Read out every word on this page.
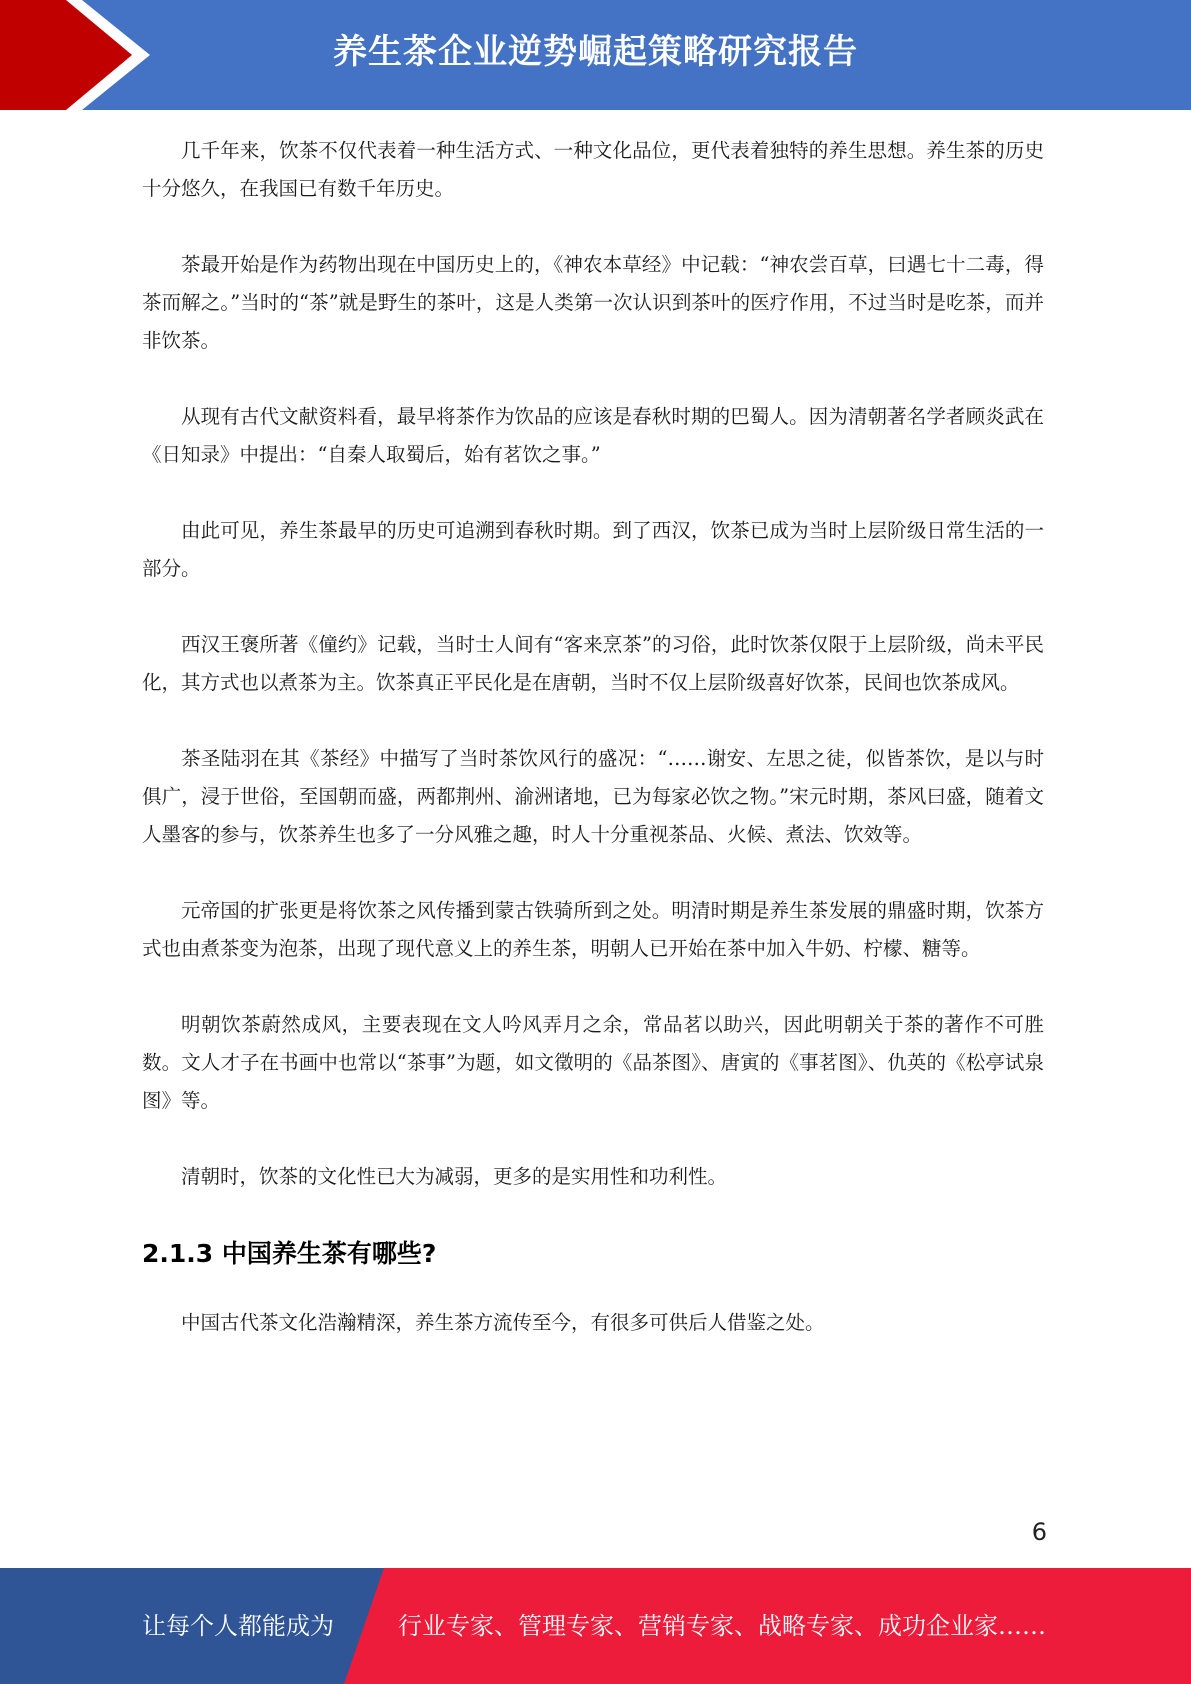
养生茶企业逆势崛起策略研究报告

几千年来，饮茶不仅代表着一种生活方式、一种文化品位，更代表着独特的养生思想。养生茶的历史十分悠久，在我国已有数千年历史。

茶最开始是作为药物出现在中国历史上的，《神农本草经》中记载：“神农尝百草，曰遇七十二毒，得茶而解之。”当时的“茶”就是野生的茶叶，这是人类第一次认识到茶叶的医疗作用，不过当时是吃茶，而并非饮茶。

从现有古代文献资料看，最早将茶作为饮品的应该是春秋时期的巴蜀人。因为清朝著名学者顾炎武在《日知录》中提出：“自秦人取蜀后，始有茗饮之事。”

由此可见，养生茶最早的历史可追溯到春秋时期。到了西汉，饮茶已成为当时上层阶级日常生活的一部分。

西汉王褒所著《僮约》记载，当时士人间有“客来烹茶”的习俗，此时饮茶仅限于上层阶级，尚未平民化，其方式也以煮茶为主。饮茶真正平民化是在唐朝，当时不仅上层阶级喜好饮茶，民间也饮茶成风。

茶圣陆羽在其《茶经》中描写了当时茶饮风行的盛况：“……谢安、左思之徒，似皆茶饮，是以与时俱广，浸于世俗，至国朝而盛，两都荆州、渝洲诸地，已为每家必饮之物。”宋元时期，茶风曰盛，随着文人墨客的参与，饮茶养生也多了一分风雅之趣，时人十分重视茶品、火候、煮法、饮效等。

元帝国的扩张更是将饮茶之风传播到蒙古铁骑所到之处。明清时期是养生茶发展的鼎盛时期，饮茶方式也由煮茶变为泡茶，出现了现代意义上的养生茶，明朝人已开始在茶中加入牛奶、柠檬、糖等。

明朝饮茶蔚然成风，主要表现在文人吟风弄月之余，常品茗以助兴，因此明朝关于茶的著作不可胜数。文人才子在书画中也常以“茶事”为题，如文徵明的《品茶图》、唐寅的《事茗图》、仇英的《松亭试泉图》等。

清朝时，饮茶的文化性已大为减弱，更多的是实用性和功利性。

2.1.3 中国养生茶有哪些?

中国古代茶文化浩瀚精深，养生茶方流传至今，有很多可供后人借鉴之处。

6
让每个人都能成为	行业专家、管理专家、营销专家、战略专家、成功企业家……
